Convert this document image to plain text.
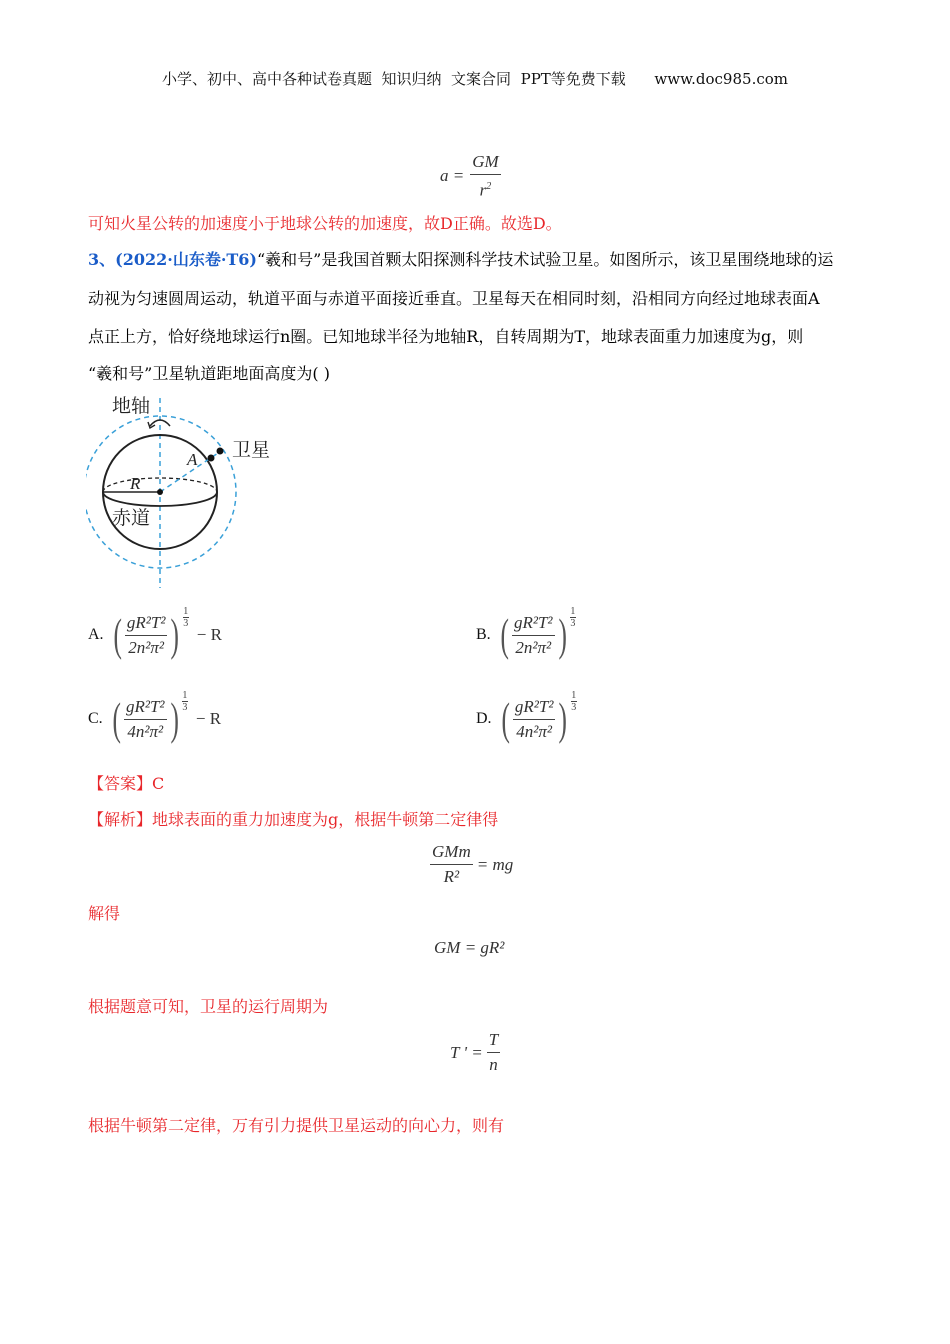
小学、初中、高中各种试卷真题  知识归纳  文案合同  PPT等免费下载      www.doc985.com
$a = \frac{GM}{r^2}$
可知火星公转的加速度小于地球公转的加速度，故D正确。故选D。
3、(2022·山东卷·T6)“羲和号”是我国首颗太阳探测科学技术试验卫星。如图所示，该卫星围绕地球的运
动视为匀速圆周运动，轨道平面与赤道平面接近垂直。卫星每天在相同时刻，沿相同方向经过地球表面A
点正上方，恰好绕地球运行n圈。已知地球半径为地轴R，自转周期为T，地球表面重力加速度为g，则
“羲和号”卫星轨道距地面高度为( )
地轴
卫星
A
R
赤道
A. ( $\frac{\text{gR²T²}}{\text{2n²π²}}$ ) 1
3
− R	B. ( $\frac{\text{gR²T²}}{\text{2n²π²}}$ ) 1
3
C. ( $\frac{\text{gR²T²}}{\text{4n²π²}}$ ) 1
3
− R	D. ( $\frac{\text{gR²T²}}{\text{4n²π²}}$ ) 1
3
【答案】C
【解析】地球表面的重力加速度为g，根据牛顿第二定律得
$\frac{\text{GMm}}{\text{R²}}$ = mg
解得
GM = gR²
根据题意可知，卫星的运行周期为
T ' = $\frac{T}{n}$
根据牛顿第二定律，万有引力提供卫星运动的向心力，则有
